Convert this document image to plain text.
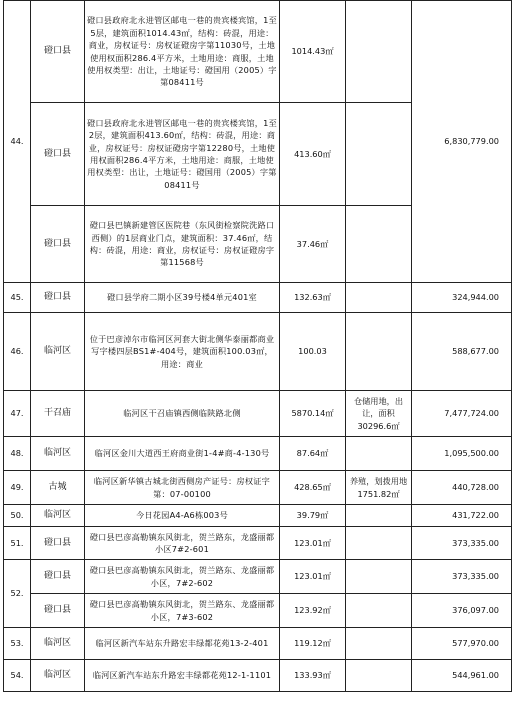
44.	磴口县	磴口县政府北永进管区邮电一巷的贵宾楼宾馆，1至5层，建筑面积1014.43㎡，结构：砖混，用途：商业，房权证号：房权证磴房字第11030号，土地使用权面积286.4平方米，土地用途：商服，土地使用权类型：出让，土地证号：磴国用（2005）字第08411号	1014.43㎡		6,830,779.00
	磴口县	磴口县政府北永进管区邮电一巷的贵宾楼宾馆，1至2层，建筑面积413.60㎡，结构：砖混，用途：商业，房权证号：房权证磴房字第12280号，土地使用权面积286.4平方米，土地用途：商服，土地使用权类型：出让，土地证号：磴国用（2005）字第08411号	413.60㎡		
	磴口县	磴口县巴镇新建管区医院巷（东风街检察院洗路口西侧）的1层商业门点，建筑面积：37.46㎡，结构：砖混，用途：商业，房权证号：房权证磴房字第11568号	37.46㎡		
45.	磴口县	磴口县学府二期小区39号楼4单元401室	132.63㎡		324,944.00
46.	临河区	位于巴彦淖尔市临河区河套大街北侧华泰丽都商业写字楼四层BS1#-404号，建筑面积100.03㎡，用途：商业	100.03		588,677.00
47.	干召庙	临河区干召庙镇西侧临陕路北侧	5870.14㎡	仓储用地，出让，面积30296.6㎡	7,477,724.00
48.	临河区	临河区金川大道西王府商业街1-4#商-4-130号	87.64㎡		1,095,500.00
49.	古城	临河区新华镇古城北街西侧房产证号：房权证字第：07-00100	428.65㎡	养殖，划拨用地1751.82㎡	440,728.00
50.	临河区	今日花园A4-A6栋003号	39.79㎡		431,722.00
51.	磴口县	磴口县巴彦高勒镇东风街北，贺兰路东，龙盛丽都小区7#2-601	123.01㎡		373,335.00
52.	磴口县	磴口县巴彦高勒镇东风街北，贺兰路东、龙盛丽都小区，7#2-602	123.01㎡		373,335.00
	磴口县	磴口县巴彦高勒镇东风街北，贺兰路东、龙盛丽都小区，7#3-602	123.92㎡		376,097.00
53.	临河区	临河区新汽车站东升路宏丰绿都花苑13-2-401	119.12㎡		577,970.00
54.	临河区	临河区新汽车站东升路宏丰绿都花苑12-1-1101	133.93㎡		544,961.00
